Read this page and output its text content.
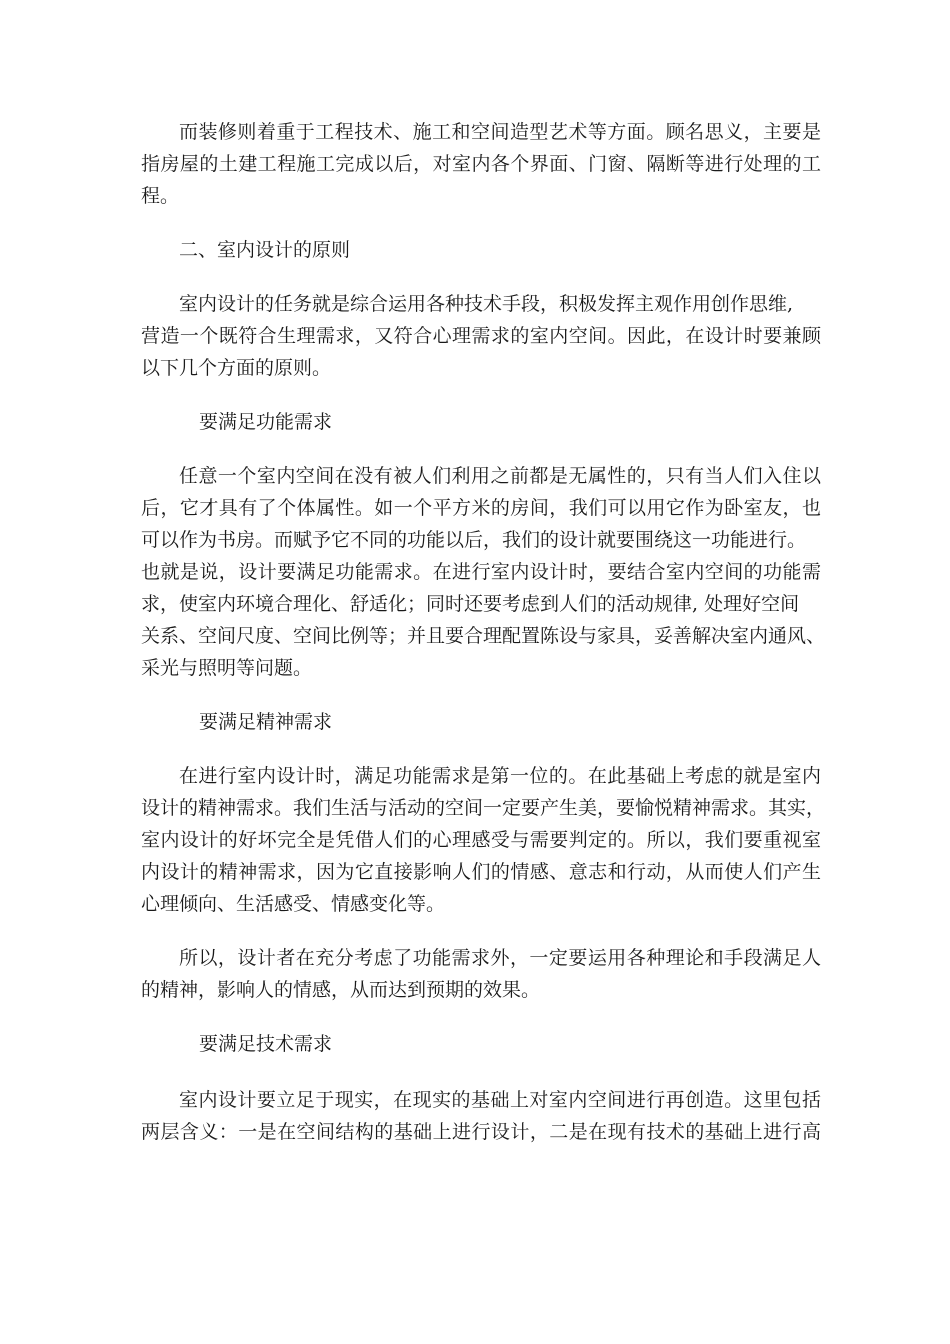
而装修则着重于工程技术、施工和空间造型艺术等方面。顾名思义，主要是
指房屋的土建工程施工完成以后，对室内各个界面、门窗、隔断等进行处理的工
程。
二、室内设计的原则
室内设计的任务就是综合运用各种技术手段，积极发挥主观作用创作思维,
营造一个既符合生理需求，又符合心理需求的室内空间。因此，在设计时要兼顾
以下几个方面的原则。
要满足功能需求
任意一个室内空间在没有被人们利用之前都是无属性的，只有当人们入住以
后，它才具有了个体属性。如一个平方米的房间，我们可以用它作为卧室友，也
可以作为书房。而赋予它不同的功能以后，我们的设计就要围绕这一功能进行。
也就是说，设计要满足功能需求。在进行室内设计时，要结合室内空间的功能需
求，使室内环境合理化、舒适化；同时还要考虑到人们的活动规律, 处理好空间
关系、空间尺度、空间比例等；并且要合理配置陈设与家具，妥善解决室内通风、
采光与照明等问题。
要满足精神需求
在进行室内设计时，满足功能需求是第一位的。在此基础上考虑的就是室内
设计的精神需求。我们生活与活动的空间一定要产生美，要愉悦精神需求。其实，
室内设计的好坏完全是凭借人们的心理感受与需要判定的。所以，我们要重视室
内设计的精神需求，因为它直接影响人们的情感、意志和行动，从而使人们产生
心理倾向、生活感受、情感变化等。
所以，设计者在充分考虑了功能需求外，一定要运用各种理论和手段满足人
的精神，影响人的情感，从而达到预期的效果。
要满足技术需求
室内设计要立足于现实，在现实的基础上对室内空间进行再创造。这里包括
两层含义：一是在空间结构的基础上进行设计，二是在现有技术的基础上进行高
